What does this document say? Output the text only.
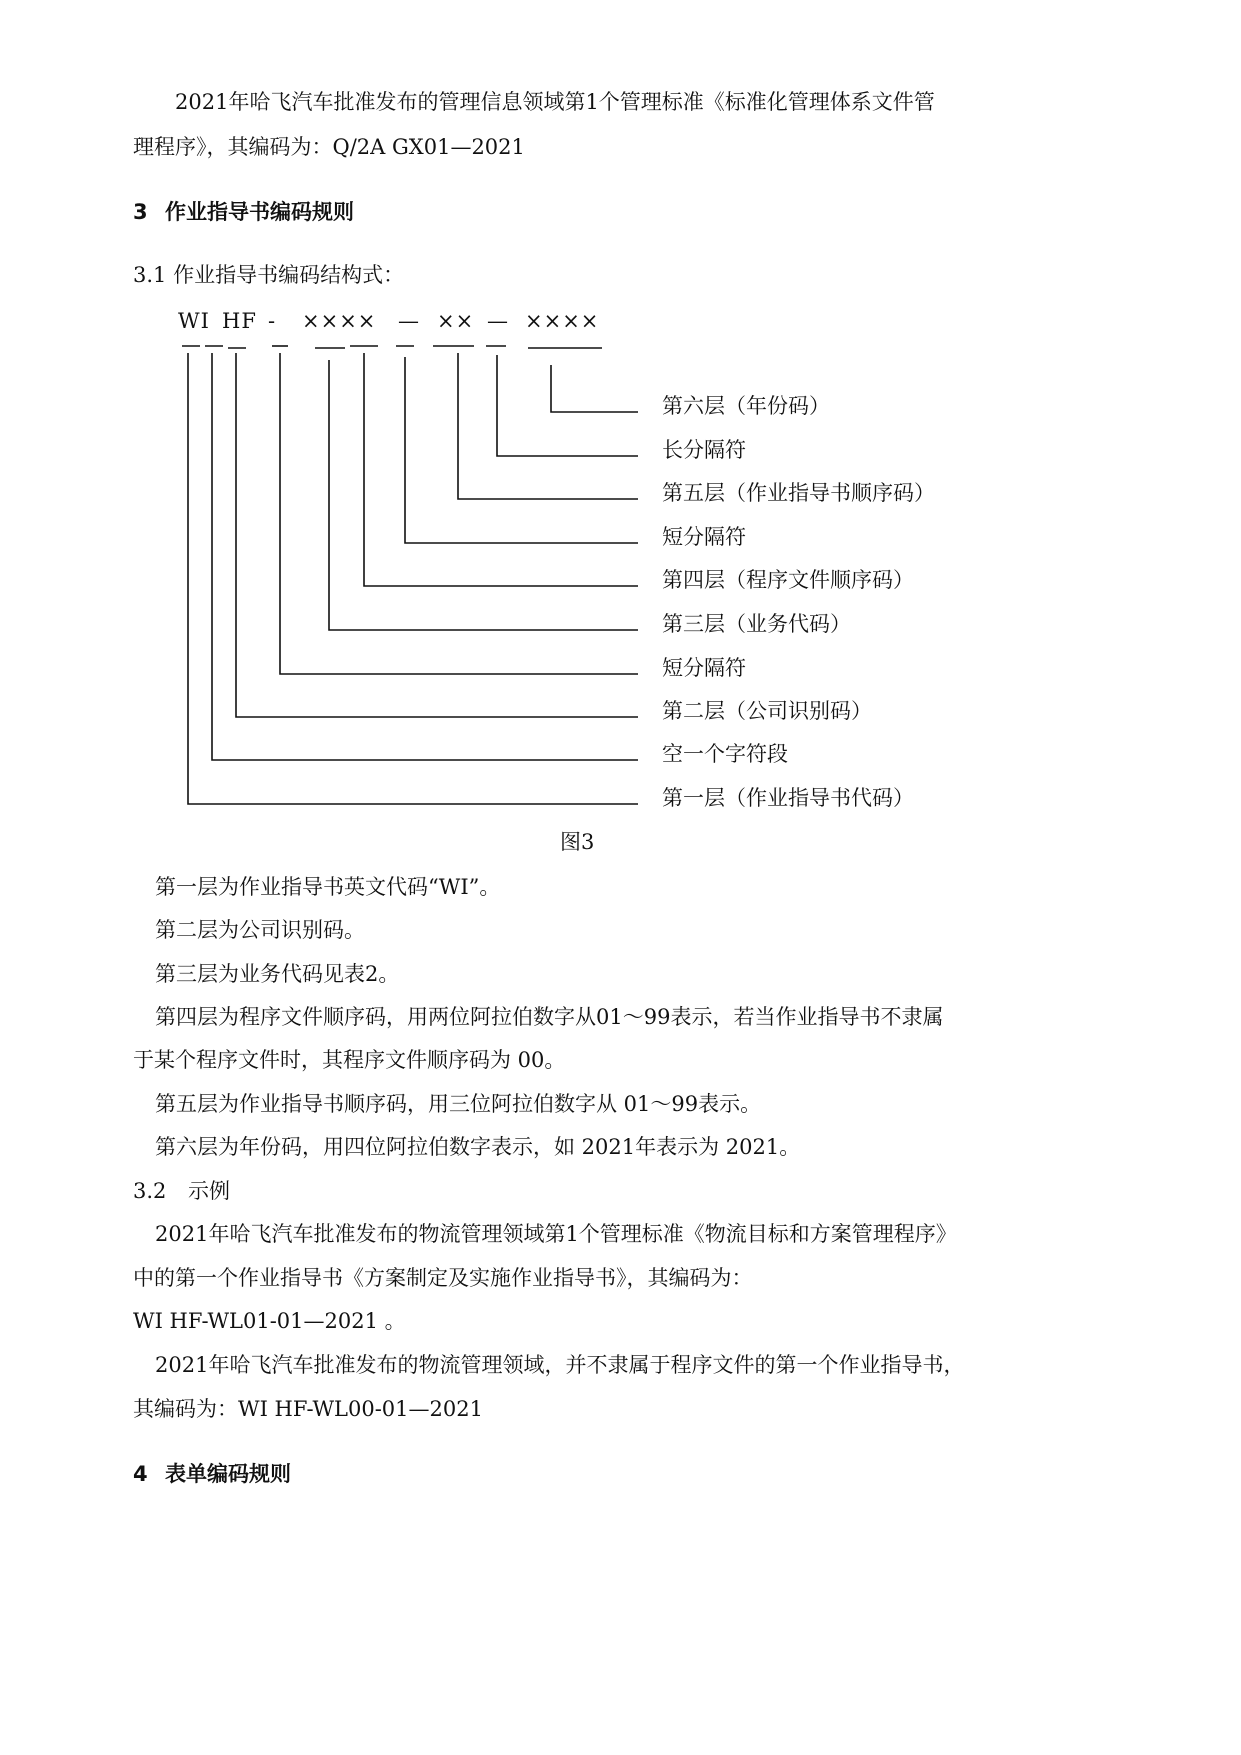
2021年哈飞汽车批准发布的管理信息领域第1个管理标准《标准化管理体系文件管
理程序》，其编码为：Q/2A GX01—2021
3 作业指导书编码规则
3.1 作业指导书编码结构式：
WI HF - ×××× — ×× — ××××
第六层（年份码）
长分隔符
第五层（作业指导书顺序码）
短分隔符
第四层（程序文件顺序码）
第三层（业务代码）
短分隔符
第二层（公司识别码）
空一个字符段
第一层（作业指导书代码）
图3
第一层为作业指导书英文代码“WI”。
第二层为公司识别码。
第三层为业务代码见表2。
第四层为程序文件顺序码，用两位阿拉伯数字从01～99表示，若当作业指导书不隶属
于某个程序文件时，其程序文件顺序码为 00。
第五层为作业指导书顺序码，用三位阿拉伯数字从 01～99表示。
第六层为年份码，用四位阿拉伯数字表示，如 2021年表示为 2021。
3.2 示例
2021年哈飞汽车批准发布的物流管理领域第1个管理标准《物流目标和方案管理程序》
中的第一个作业指导书《方案制定及实施作业指导书》，其编码为：
WI HF-WL01-01—2021 。
2021年哈飞汽车批准发布的物流管理领域，并不隶属于程序文件的第一个作业指导书，
其编码为：WI HF-WL00-01—2021
4 表单编码规则
